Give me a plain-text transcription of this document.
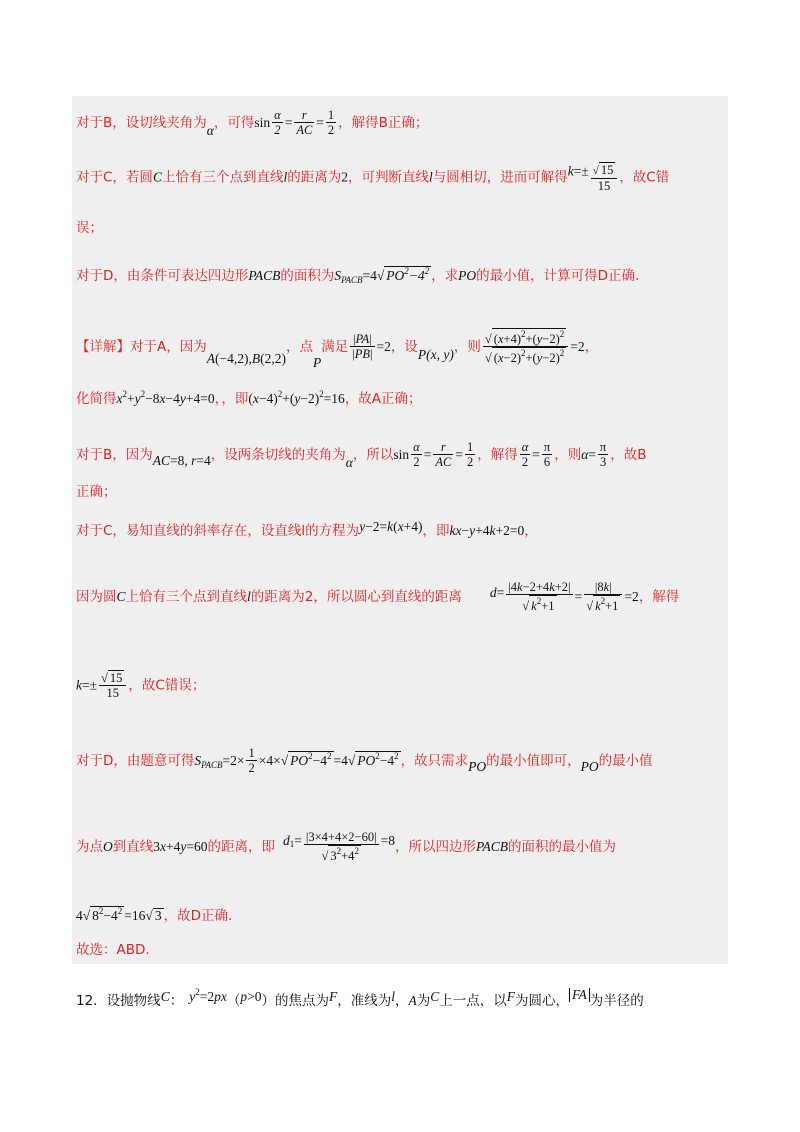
对于B，设切线夹角为α，可得$\sin \frac{\alpha}{2} = \frac{r}{AC} = \frac{1}{2}$ ，解得B正确；
对于C，若圆C上恰有三个点到直线l的距离为2，可判断直线l与圆相切，进而可解得$k=\pm \frac{√ 15}{15}$ ，故C错
误；
对于D，由条件可表达四边形PACB的面积为$S_{PACB}=4√$ $PO^2-4^2$ ，求PO的最小值，计算可得D正确.
【详解】对于A，因为A(−4,2),B(2,2)，点P满足 $\frac{|PA|}{|PB|} =2$，设P(x, y)，则 $\frac{√ (x+4)^2+(y-2)^2}{√ (x-2)^2+(y-2)^2} =2$，
化简得$x^2+y^2-8x-4y+4=0$，，即$(x-4)^2+(y-2)^2=16$，故A正确；
对于B，因为AC=8, r=4，设两条切线的夹角为α，所以$\sin \frac{\alpha}{2} = \frac{r}{AC} = \frac{1}{2}$ ，解得 $\frac{\alpha}{2} = \frac{\pi}{6}$ ，则$\alpha= \frac{\pi}{3}$ ，故B
正确；
对于C，易知直线的斜率存在，设直线l的方程为y−2=k(x+4)，即kx−y+4k+2=0，
因为圆C上恰有三个点到直线l的距离为2，所以圆心到直线的距离 $d= \frac{|4k-2+4k+2|}{√ k^2+1} = \frac{|8k|}{√ k^2+1} =2$，解得
$k=\pm \frac{√ 15}{15}$ ，故C错误；
对于D，由题意可得$S_{PACB}=2\times \frac{1}{2} \times 4\times√$ $PO^2-4^2 =4√$ $PO^2-4^2$ ，故只需求PO的最小值即可，PO的最小值
为点O到直线3x+4y=60的距离，即 $d^1= \frac{|3\times 4+4\times 2-60|}{√ 3^2+4^2} =8$，所以四边形PACB的面积的最小值为
4√ $8^2-4^2 =16√$ 3 ，故D正确.
故选：ABD.
12．设抛物线C： $y^2=2px(p>0)$的焦点为F，准线为l，A为C上一点，以F为圆心， FA 为半径的
